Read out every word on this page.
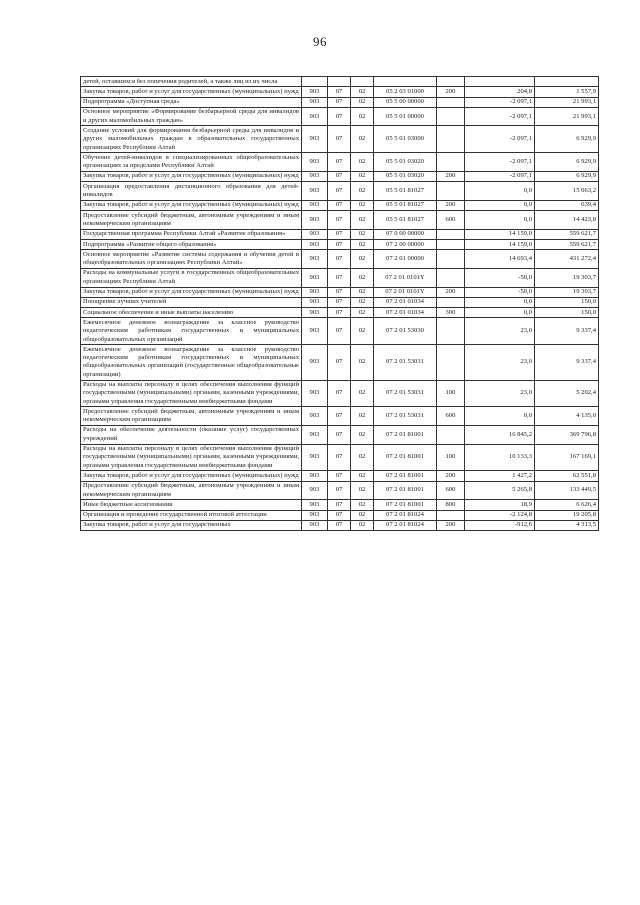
96
детей, оставшихся без попечения родителей, а также лиц из их числа							
Закупка товаров, работ и услуг для государственных (муниципальных) нужд	903	07	02	05 2 03 01000	200	204,8	1 557,9
Подпрограмма «Доступная среда»	903	07	02	05 5 00 00000		-2 097,1	21 993,1
Основное мероприятие «Формирование безбарьерной среды для инвалидов и других маломобильных граждан»	903	07	02	05 5 01 00000		-2 097,1	21 993,1
Создание условий для формирования безбарьерной среды для инвалидов и других маломобильных граждан в образовательных государственных организациях Республики Алтай	903	07	02	05 5 01 03000		-2 097,1	6 929,9
Обучение детей-инвалидов в специализированных общеобразовательных организациях за пределами Республики Алтай	903	07	02	05 5 01 03020		-2 097,1	6 929,9
Закупка товаров, работ и услуг для государственных (муниципальных) нужд	903	07	02	05 5 01 03020	200	-2 097,1	6 929,9
Организация предоставления дистанционного образования для детей-инвалидов	903	07	02	05 5 01 81027		0,0	15 063,2
Закупка товаров, работ и услуг для государственных (муниципальных) нужд	903	07	02	05 5 01 81027	200	0,0	639,4
Предоставление субсидий бюджетным, автономным учреждениям и иным некоммерческим организациям	903	07	02	05 5 01 81027	600	0,0	14 423,8
Государственная программа Республики Алтай «Развитие образования»	903	07	02	07 0 00 00000		14 159,0	559 621,7
Подпрограмма «Развитие общего образования»	903	07	02	07 2 00 00000		14 159,0	559 621,7
Основное мероприятие «Развитие системы содержания и обучения детей в общеобразовательных организациях Республики Алтай»	903	07	02	07 2 01 00000		14 693,4	431 272,4
Расходы на коммунальные услуги в государственных общеобразовательных организациях Республики Алтай	903	07	02	07 2 01 0101Y		-50,0	19 303,7
Закупка товаров, работ и услуг для государственных (муниципальных) нужд	903	07	02	07 2 01 0101Y	200	-50,0	19 303,7
Поощрение лучших учителей	903	07	02	07 2 01 01034		0,0	150,0
Социальное обеспечение и иные выплаты населению	903	07	02	07 2 01 01034	300	0,0	150,0
Ежемесячное денежное вознаграждение за классное руководство педагогическим работникам государственных и муниципальных общеобразовательных организаций	903	07	02	07 2 01 53030		23,0	9 337,4
Ежемесячное денежное вознаграждение за классное руководство педагогическим работникам государственных и муниципальных общеобразовательных организаций (государственные общеобразовательные организации)	903	07	02	07 2 01 53031		23,0	9 337,4
Расходы на выплаты персоналу в целях обеспечения выполнения функций государственными (муниципальными) органами, казенными учреждениями, органами управления государственными внебюджетными фондами	903	07	02	07 2 01 53031	100	23,0	5 202,4
Предоставление субсидий бюджетным, автономным учреждениям и иным некоммерческим организациям	903	07	02	07 2 01 53031	600	0,0	4 135,0
Расходы на обеспечение деятельности (оказание услуг) государственных учреждений	903	07	02	07 2 01 81001		16 845,2	369 796,8
Расходы на выплаты персоналу в целях обеспечения выполнения функций государственными (муниципальными) органами, казенными учреждениями, органами управления государственными внебюджетными фондами	903	07	02	07 2 01 81001	100	10 133,3	167 169,1
Закупка товаров, работ и услуг для государственных (муниципальных) нужд	903	07	02	07 2 01 81001	200	1 427,2	62 551,8
Предоставление субсидий бюджетным, автономным учреждениям и иным некоммерческим организациям	903	07	02	07 2 01 81001	600	5 265,8	133 449,5
Иные бюджетные ассигнования	903	07	02	07 2 01 81001	800	18,9	6 626,4
Организация и проведение государственной итоговой аттестации	903	07	02	07 2 01 81024		-2 124,8	19 205,8
Закупка товаров, работ и услуг для государственных	903	07	02	07 2 01 81024	200	-912,6	4 313,5
